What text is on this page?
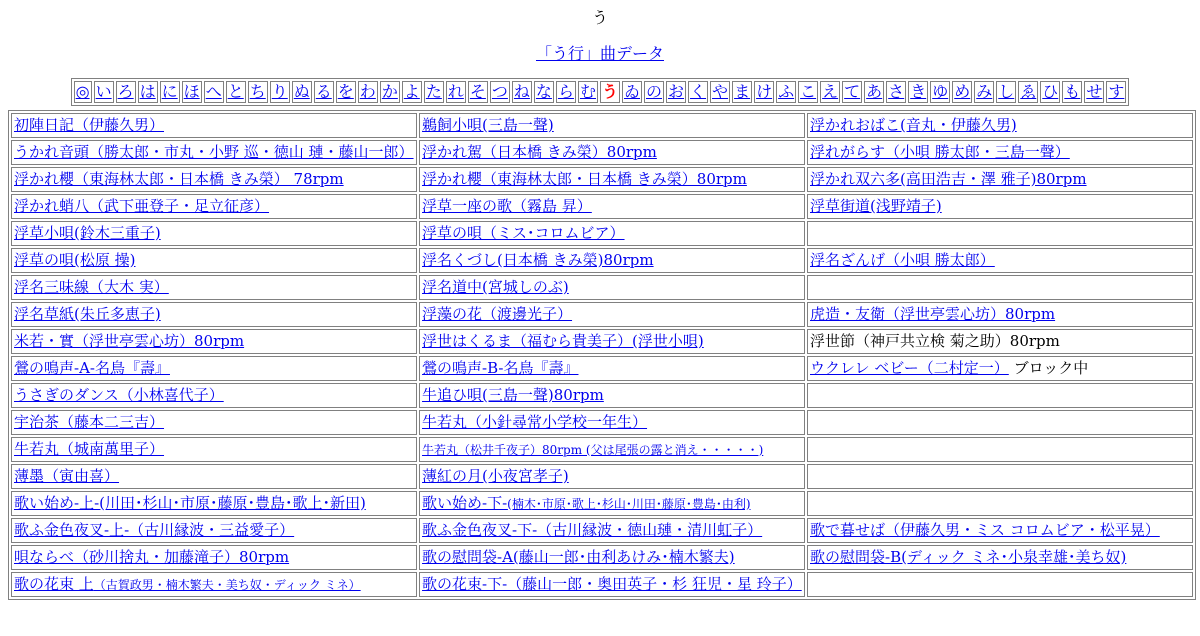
う
「う行」曲データ
◎	い	ろ	は	に	ほ	へ	と	ち	り	ぬ	る	を	わ	か	よ	た	れ	そ	つ	ね	な	ら	む	う	ゐ	の	お	く	や	ま	け	ふ	こ	え	て	あ	さ	き	ゆ	め	み	し	ゑ	ひ	も	せ	す
初陣日記（伊藤久男）	鵜飼小唄(三島一聲)	浮かれおばこ(音丸・伊藤久男)
うかれ音頭（勝太郎・市丸・小野 巡・徳山 璉・藤山一郎）	浮かれ駕（日本橋 きみ榮）80rpm	浮れがらす（小唄 勝太郎・三島一聲）
浮かれ櫻（東海林太郎・日本橋 きみ榮） 78rpm	浮かれ櫻（東海林太郎・日本橋 きみ榮）80rpm	浮かれ双六多(高田浩吉・澤 雅子)80rpm
浮かれ蛸八（武下亜登子・足立征彦）	浮草一座の歌（霧島 昇）	浮草街道(浅野靖子)
浮草小唄(鈴木三重子)	浮草の唄（ミス･コロムビア）	
浮草の唄(松原 操)	浮名くづし(日本橋 きみ榮)80rpm	浮名ざんげ（小唄 勝太郎）
浮名三味線（大木 実）	浮名道中(宮城しのぶ)	
浮名草紙(朱丘多恵子)	浮藻の花（渡邊光子）	虎造・友衛（浮世亭雲心坊）80rpm
米若・實（浮世亭雲心坊）80rpm	浮世はくるま（福むら貴美子）(浮世小唄)	浮世節（神戸共立検 菊之助）80rpm
鶯の鳴声-A-名鳥『壽』	鶯の鳴声-B-名鳥『壽』	ウクレレ ベビー（二村定一） ブロック中
うさぎのダンス（小林喜代子）	牛追ひ唄(三島一聲)80rpm	
宇治茶（藤本二三吉）	牛若丸（小針尋常小学校一年生）	
牛若丸（城南萬里子）	牛若丸（松井千夜子）80rpm (父は尾張の露と消え・・・・・)	
薄墨（寅由喜）	薄紅の月(小夜宮孝子)	
歌い始め-上-(川田･杉山･市原･藤原･豊島･歌上･新田)	歌い始め-下-(楠木･市原･歌上･杉山･川田･藤原･豊島･由利)	
歌ふ金色夜叉-上-（古川縁波・三益愛子）	歌ふ金色夜叉-下-（古川縁波・徳山璉・清川虹子）	歌で暮せば（伊藤久男・ミス コロムビア・松平晃）
唄ならべ（砂川捨丸・加藤滝子）80rpm	歌の慰問袋-A(藤山一郎･由利あけみ･楠木繁夫)	歌の慰問袋-B(ディック ミネ･小泉幸雄･美ち奴)
歌の花束 上（古賀政男・楠木繁夫・美ち奴・ディック ミネ）	歌の花束-下-（藤山一郎・奥田英子・杉 狂児・星 玲子）	
